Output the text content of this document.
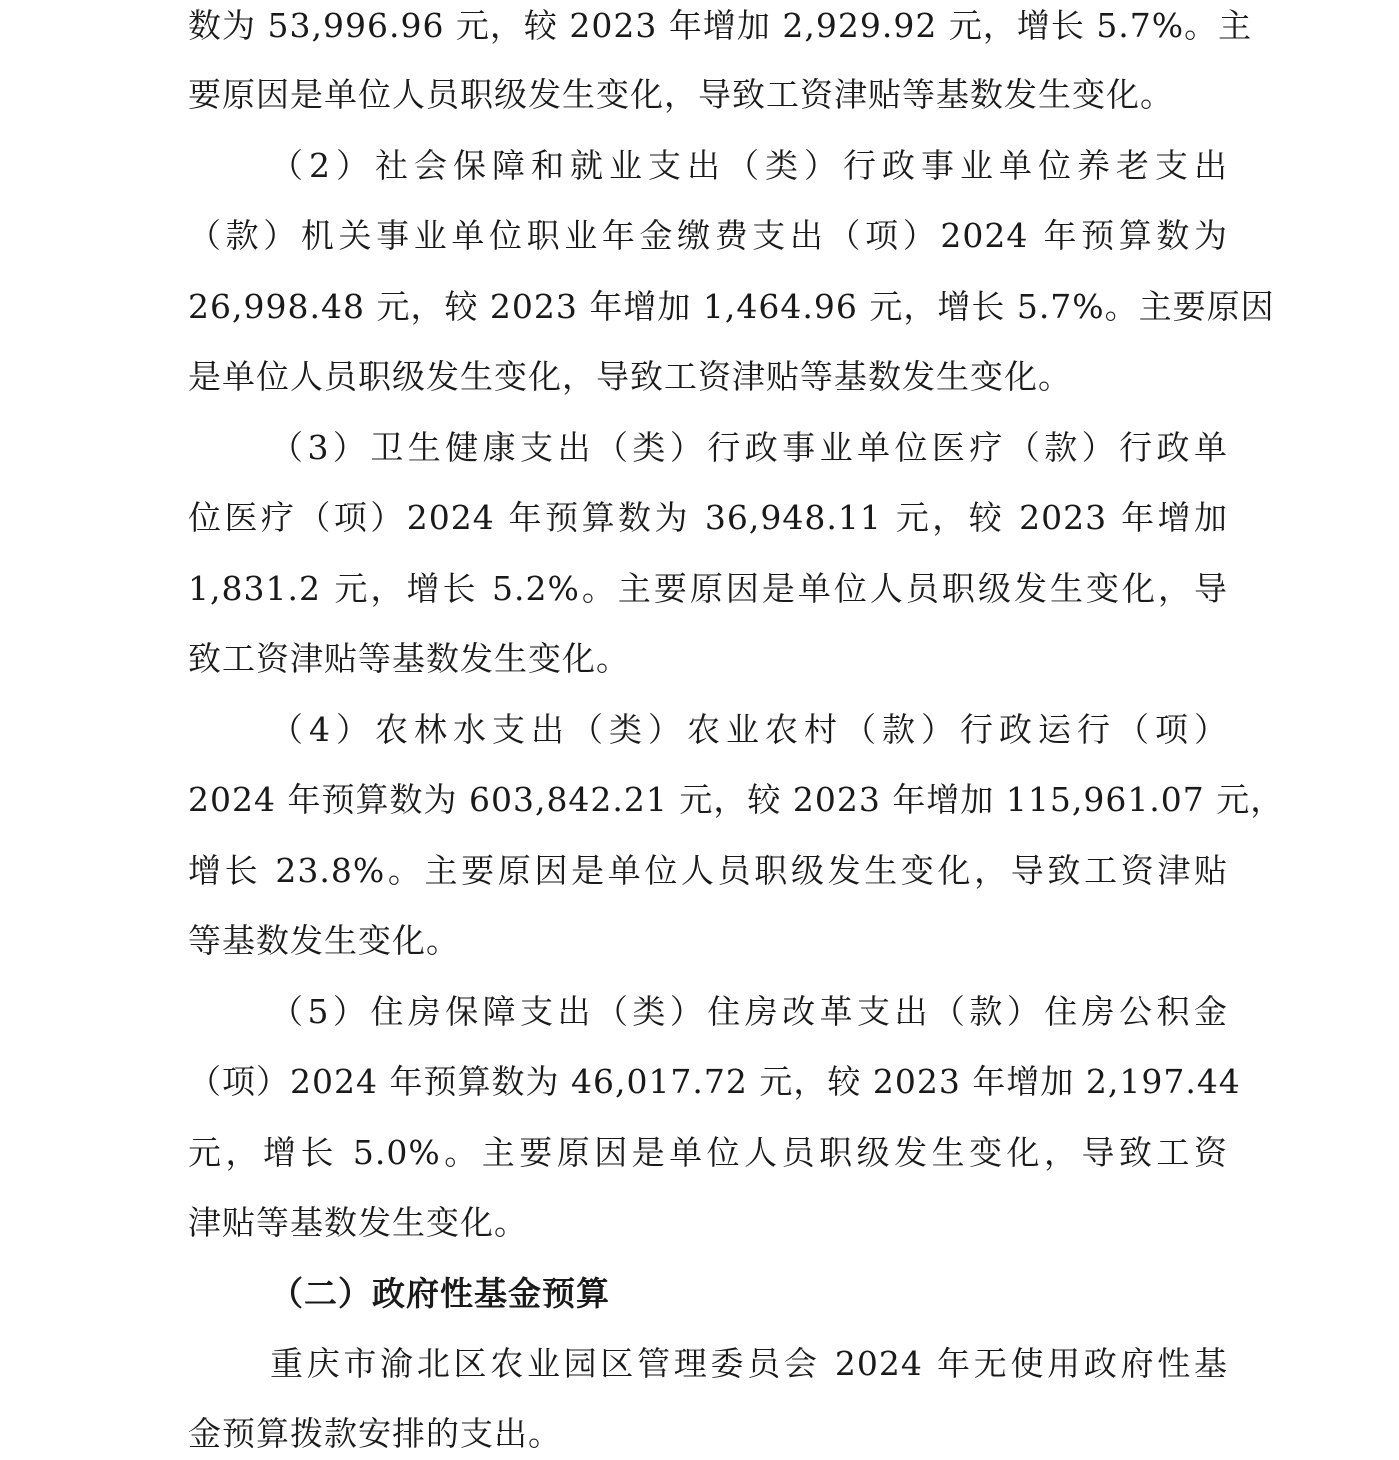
数为 53,996.96 元，较 2023 年增加 2,929.92 元，增长 5.7%。主
要原因是单位人员职级发生变化，导致工资津贴等基数发生变化。
（2）社会保障和就业支出（类）行政事业单位养老支出
（款）机关事业单位职业年金缴费支出（项）2024 年预算数为
26,998.48 元，较 2023 年增加 1,464.96 元，增长 5.7%。主要原因
是单位人员职级发生变化，导致工资津贴等基数发生变化。
（3）卫生健康支出（类）行政事业单位医疗（款）行政单
位医疗（项）2024 年预算数为 36,948.11 元，较 2023 年增加
1,831.2 元，增长 5.2%。主要原因是单位人员职级发生变化，导
致工资津贴等基数发生变化。
（4）农林水支出（类）农业农村（款）行政运行（项）
2024 年预算数为 603,842.21 元，较 2023 年增加 115,961.07 元，
增长 23.8%。主要原因是单位人员职级发生变化，导致工资津贴
等基数发生变化。
（5）住房保障支出（类）住房改革支出（款）住房公积金
（项）2024 年预算数为 46,017.72 元，较 2023 年增加 2,197.44
元，增长 5.0%。主要原因是单位人员职级发生变化，导致工资
津贴等基数发生变化。
（二）政府性基金预算
重庆市渝北区农业园区管理委员会 2024 年无使用政府性基
金预算拨款安排的支出。
